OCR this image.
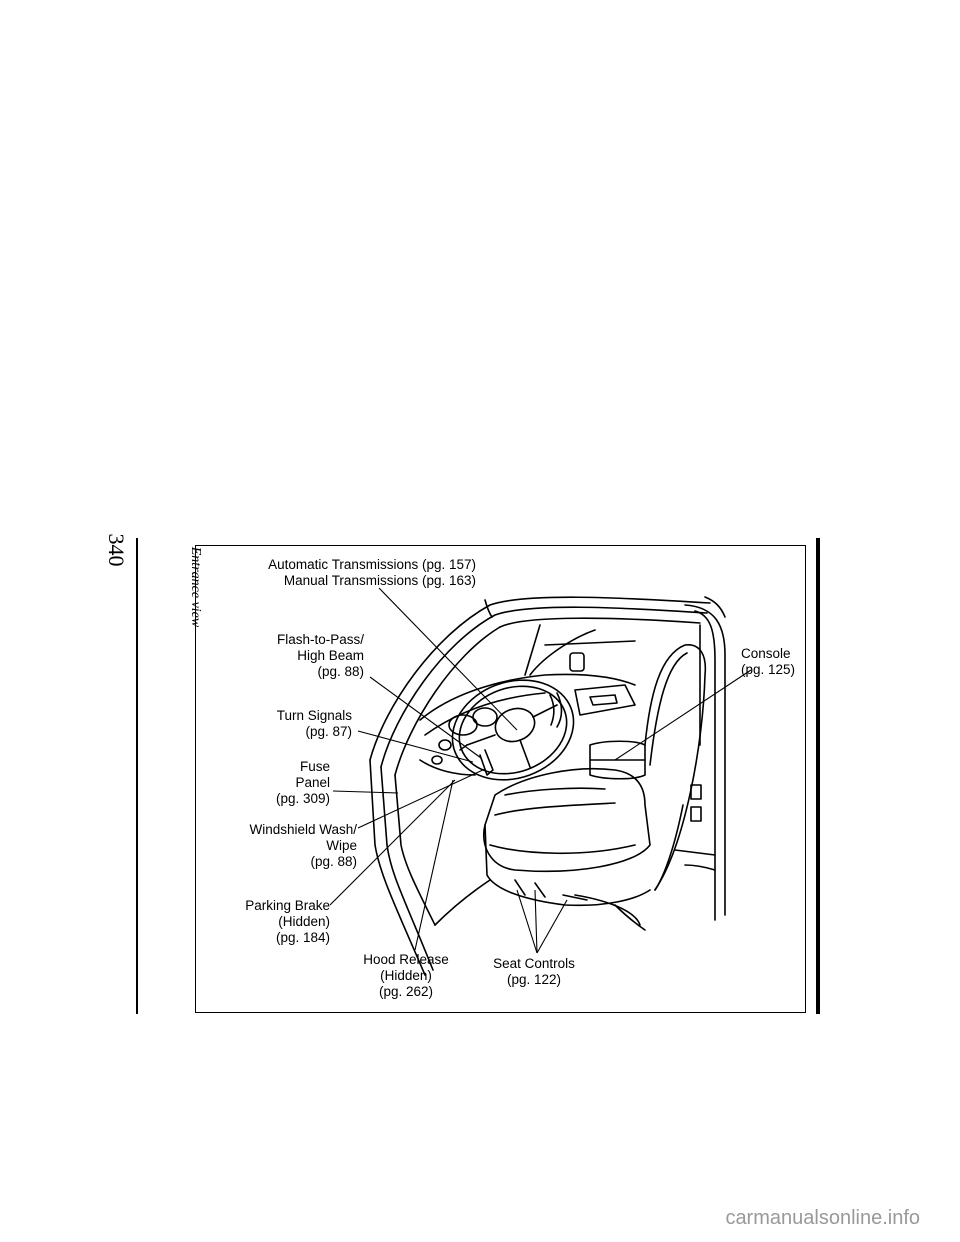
340	Entrance view	Automatic Transmissions (pg. 157)
Manual Transmissions (pg. 163)
Flash-to-Pass/
High Beam
(pg. 88)
Turn Signals
(pg. 87)
Fuse
Panel
(pg. 309)
Windshield Wash/
Wipe
(pg. 88)
Parking Brake
(Hidden)
(pg. 184)
Hood Release
(Hidden)
(pg. 262)
Seat Controls
(pg. 122)
Console
(pg. 125)
carmanualsonline.info
